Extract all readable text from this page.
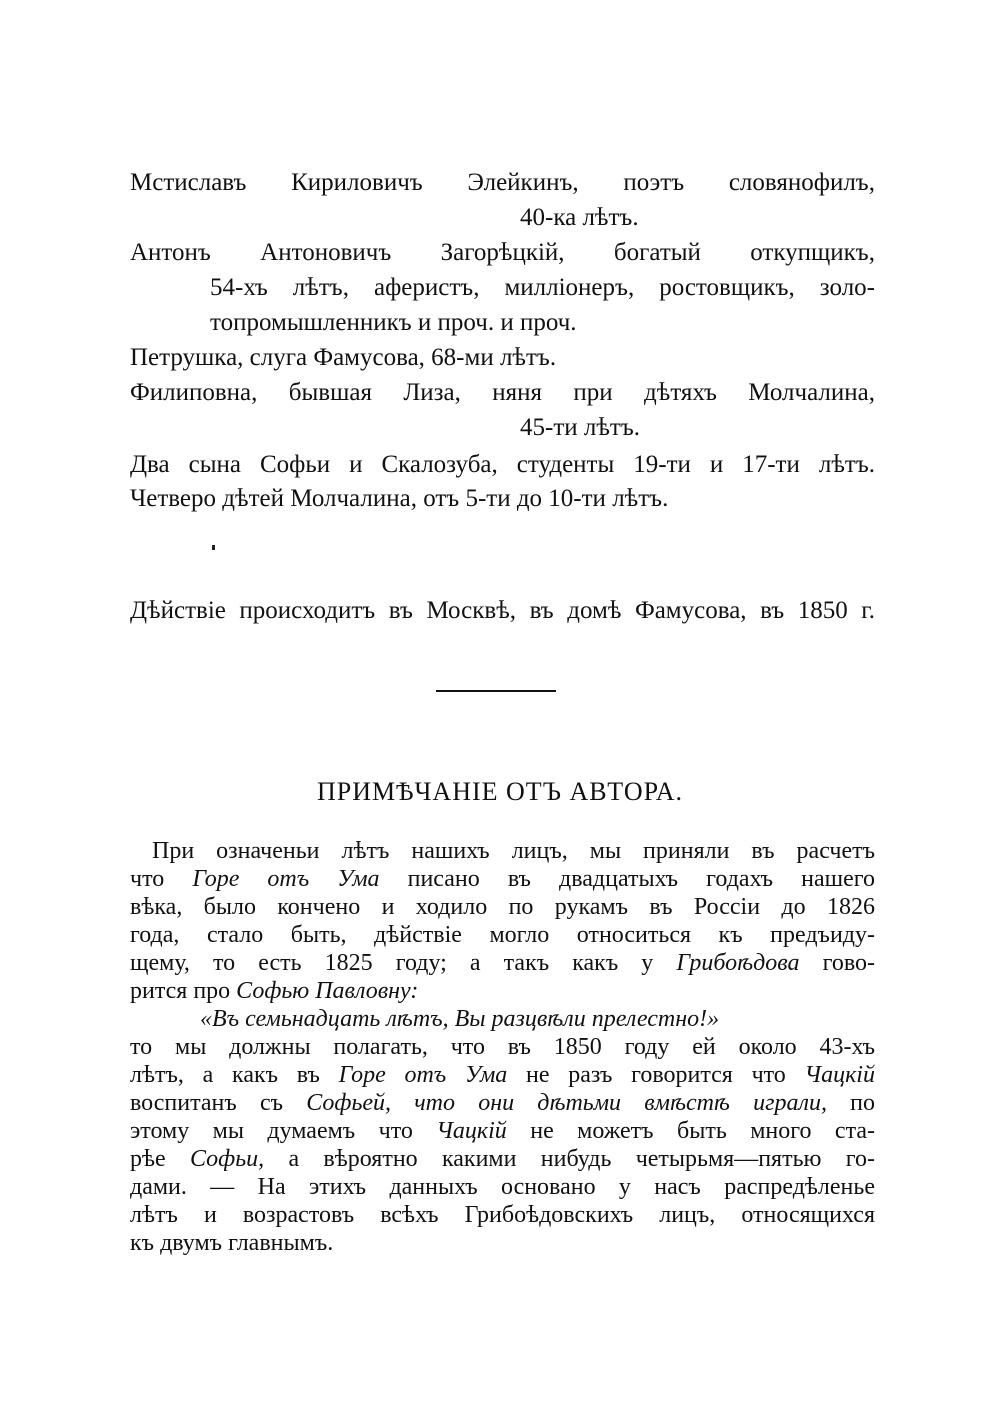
Мстиславъ Кириловичъ Элейкинъ, поэтъ словянофилъ,
40-ка лѣтъ.
Антонъ Антоновичъ Загорѣцкій, богатый откупщикъ,
54-хъ лѣтъ, аферистъ, милліонеръ, ростовщикъ, золо-
топромышленникъ и проч. и проч.
Петрушка, слуга Фамусова, 68-ми лѣтъ.
Филиповна, бывшая Лиза, няня при дѣтяхъ Молчалина,
45-ти лѣтъ.
Два сына Софьи и Скалозуба, студенты 19-ти и 17-ти лѣтъ.
Четверо дѣтей Молчалина, отъ 5-ти до 10-ти лѣтъ.
Дѣйствіе происходитъ въ Москвѣ, въ домѣ Фамусова, въ 1850 г.
ПРИМѢЧАНІЕ ОТЪ АВТОРА.
При означеньи лѣтъ нашихъ лицъ, мы приняли въ расчетъ
что Горе отъ Ума писано въ двадцатыхъ годахъ нашего
вѣка, было кончено и ходило по рукамъ въ Россіи до 1826
года, стало быть, дѣйствіе могло относиться къ предъиду-
щему, то есть 1825 году; а такъ какъ у Грибоѣдова гово-
рится про Софью Павловну:
«Въ семьнадцать лѣтъ, Вы разцвѣли прелестно!»
то мы должны полагать, что въ 1850 году ей около 43-хъ
лѣтъ, а какъ въ Горе отъ Ума не разъ говорится что Чацкій
воспитанъ съ Софьей, что они дѣтьми вмѣстѣ играли, по
этому мы думаемъ что Чацкій не можетъ быть много ста-
рѣе Софьи, а вѣроятно какими нибудь четырьмя—пятью го-
дами. — На этихъ данныхъ основано у насъ распредѣленье
лѣтъ и возрастовъ всѣхъ Грибоѣдовскихъ лицъ, относящихся
къ двумъ главнымъ.
